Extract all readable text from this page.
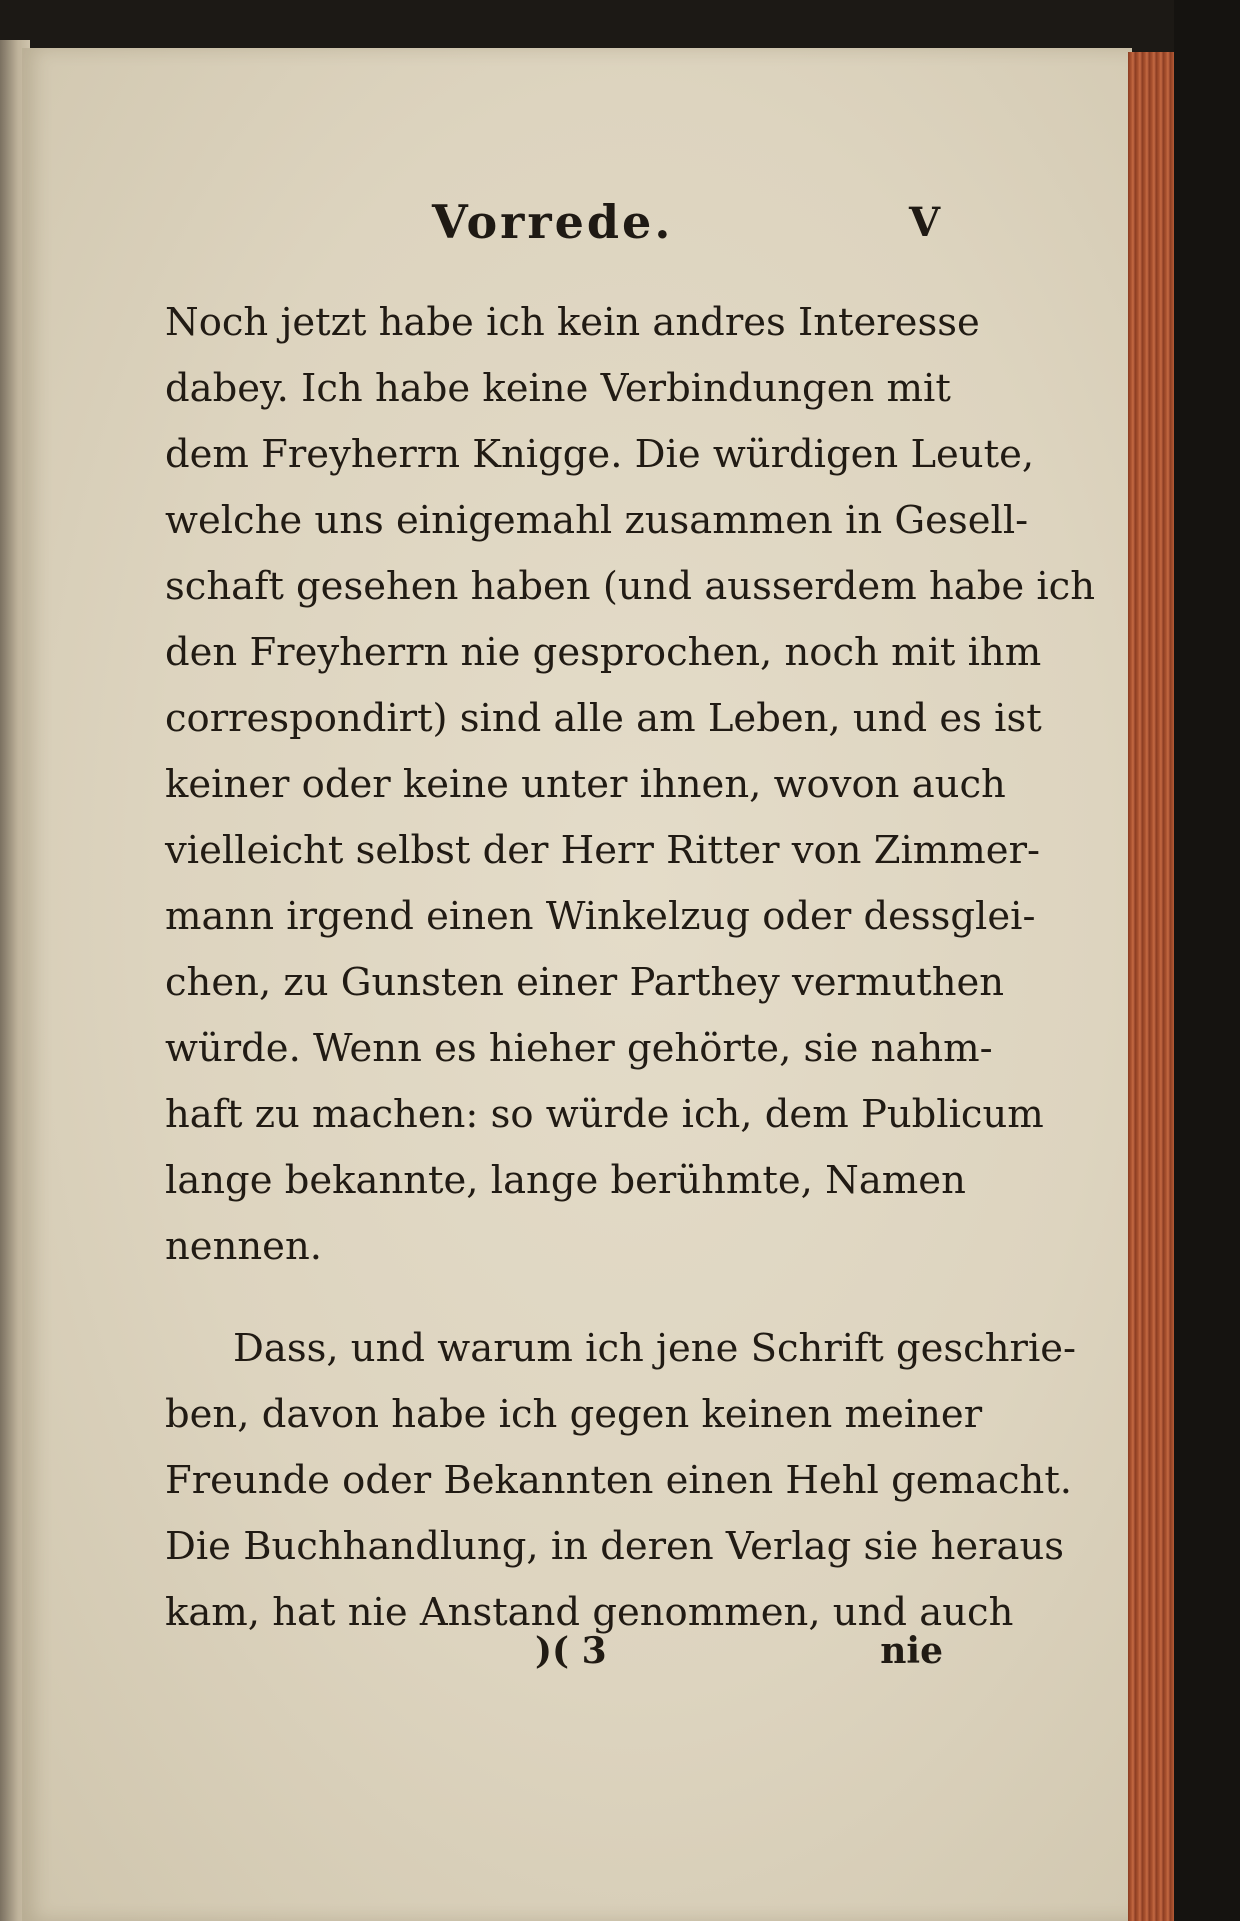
Vorrede.	V
Noch jetzt habe ich kein andres Interesse
dabey. Ich habe keine Verbindungen mit
dem Freyherrn Knigge. Die würdigen Leute,
welche uns einigemahl zusammen in Gesell-
schaft gesehen haben (und ausserdem habe ich
den Freyherrn nie gesprochen, noch mit ihm
correspondirt) sind alle am Leben, und es ist
keiner oder keine unter ihnen, wovon auch
vielleicht selbst der Herr Ritter von Zimmer-
mann irgend einen Winkelzug oder dessglei-
chen, zu Gunsten einer Parthey vermuthen
würde. Wenn es hieher gehörte, sie nahm-
haft zu machen: so würde ich, dem Publicum
lange bekannte, lange berühmte, Namen
nennen.
Dass, und warum ich jene Schrift geschrie-
ben, davon habe ich gegen keinen meiner
Freunde oder Bekannten einen Hehl gemacht.
Die Buchhandlung, in deren Verlag sie heraus
kam, hat nie Anstand genommen, und auch
)( 3	nie
